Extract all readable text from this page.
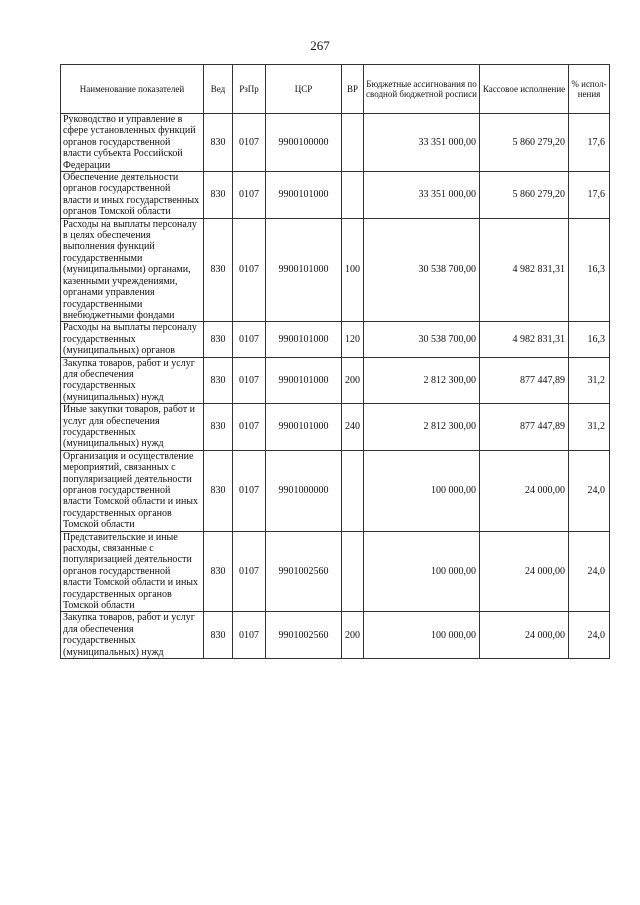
267
Наименование показателей	Вед	РзПр	ЦСР	ВР	Бюджетные ассигнования по сводной бюджетной росписи	Кассовое исполнение	% испол-нения
Руководство и управление в сфере установленных функций органов государственной власти субъекта Российской Федерации	830	0107	9900100000		33 351 000,00	5 860 279,20	17,6
Обеспечение деятельности органов государственной власти и иных государственных органов Томской области	830	0107	9900101000		33 351 000,00	5 860 279,20	17,6
Расходы на выплаты персоналу в целях обеспечения выполнения функций государственными (муниципальными) органами, казенными учреждениями, органами управления государственными внебюджетными фондами	830	0107	9900101000	100	30 538 700,00	4 982 831,31	16,3
Расходы на выплаты персоналу государственных (муниципальных) органов	830	0107	9900101000	120	30 538 700,00	4 982 831,31	16,3
Закупка товаров, работ и услуг для обеспечения государственных (муниципальных) нужд	830	0107	9900101000	200	2 812 300,00	877 447,89	31,2
Иные закупки товаров, работ и услуг для обеспечения государственных (муниципальных) нужд	830	0107	9900101000	240	2 812 300,00	877 447,89	31,2
Организация и осуществление мероприятий, связанных с популяризацией деятельности органов государственной власти Томской области и иных государственных органов Томской области	830	0107	9901000000		100 000,00	24 000,00	24,0
Представительские и иные расходы, связанные с популяризацией деятельности органов государственной власти Томской области и иных государственных органов Томской области	830	0107	9901002560		100 000,00	24 000,00	24,0
Закупка товаров, работ и услуг для обеспечения государственных (муниципальных) нужд	830	0107	9901002560	200	100 000,00	24 000,00	24,0
